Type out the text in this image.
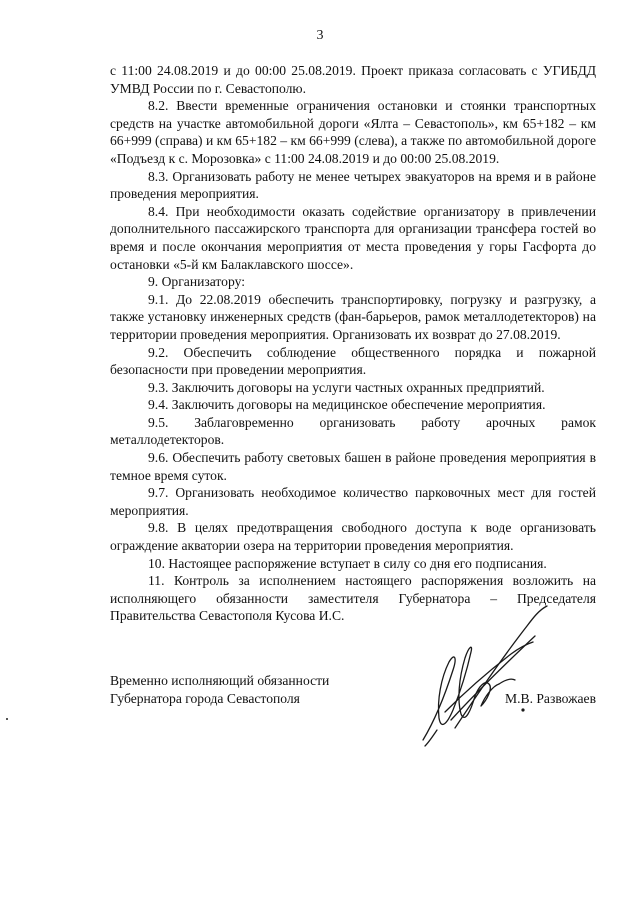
3

с 11:00 24.08.2019 и до 00:00 25.08.2019. Проект приказа согласовать с УГИБДД УМВД России по г. Севастополю.

8.2. Ввести временные ограничения остановки и стоянки транспортных средств на участке автомобильной дороги «Ялта – Севастополь», км 65+182 – км 66+999 (справа) и км 65+182 – км 66+999 (слева), а также по автомобильной дороге «Подъезд к с. Морозовка» с 11:00 24.08.2019 и до 00:00 25.08.2019.

8.3. Организовать работу не менее четырех эвакуаторов на время и в районе проведения мероприятия.

8.4. При необходимости оказать содействие организатору в привлечении дополнительного пассажирского транспорта для организации трансфера гостей во время и после окончания мероприятия от места проведения у горы Гасфорта до остановки «5-й км Балаклавского шоссе».

9. Организатору:

9.1. До 22.08.2019 обеспечить транспортировку, погрузку и разгрузку, а также установку инженерных средств (фан-барьеров, рамок металлодетекторов) на территории проведения мероприятия. Организовать их возврат до 27.08.2019.

9.2. Обеспечить соблюдение общественного порядка и пожарной безопасности при проведении мероприятия.

9.3. Заключить договоры на услуги частных охранных предприятий.

9.4. Заключить договоры на медицинское обеспечение мероприятия.

9.5. Заблаговременно организовать работу арочных рамок металлодетекторов.

9.6. Обеспечить работу световых башен в районе проведения мероприятия в темное время суток.

9.7. Организовать необходимое количество парковочных мест для гостей мероприятия.

9.8. В целях предотвращения свободного доступа к воде организовать ограждение акватории озера на территории проведения мероприятия.

10. Настоящее распоряжение вступает в силу со дня его подписания.

11. Контроль за исполнением настоящего распоряжения возложить на исполняющего обязанности заместителя Губернатора – Председателя Правительства Севастополя Кусова И.С.

Временно исполняющий обязанности
Губернатора города Севастополя	М.В. Развожаев
